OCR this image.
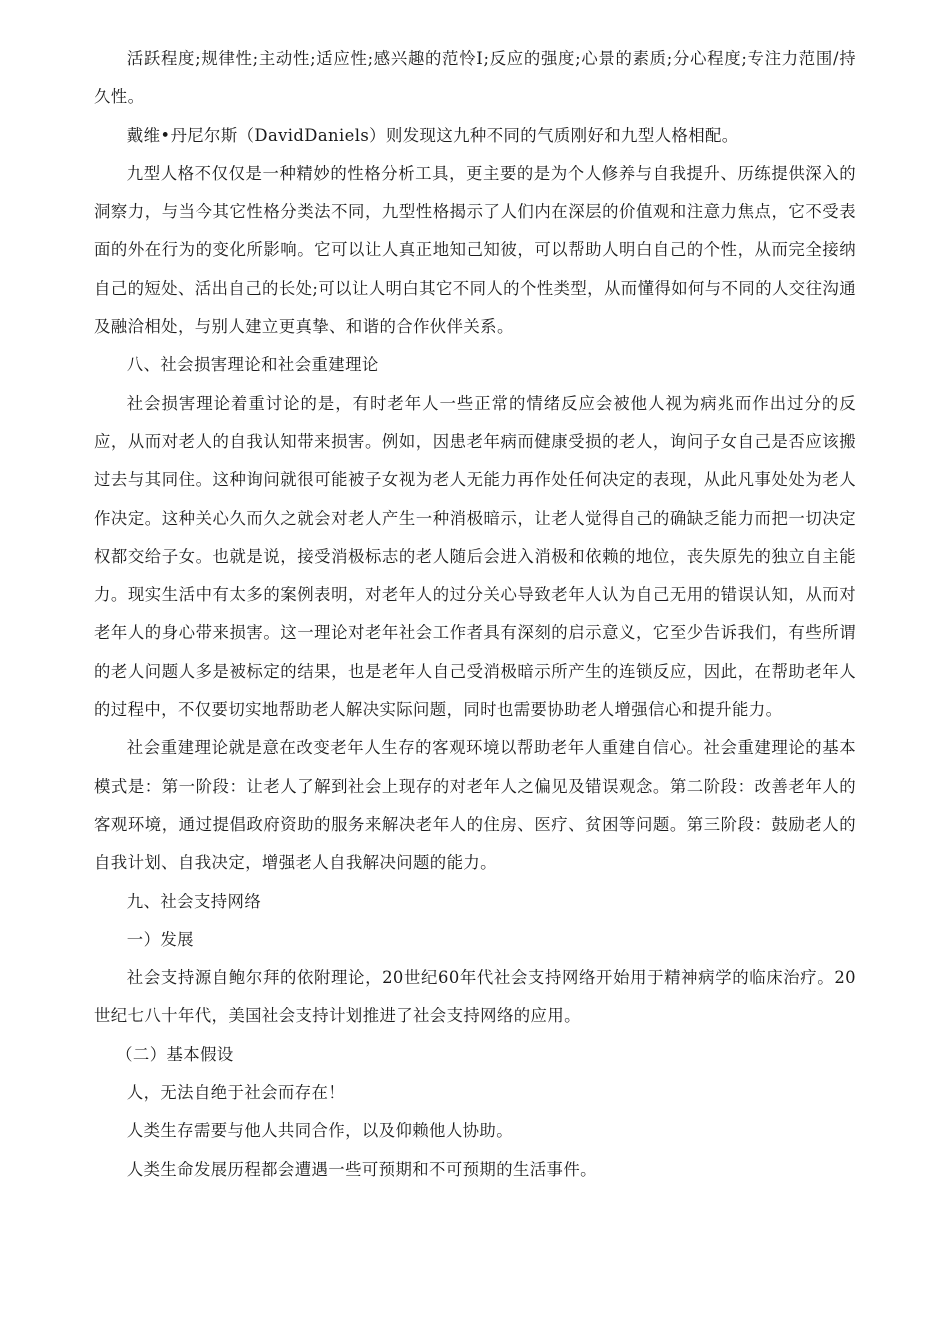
活跃程度;规律性;主动性;适应性;感兴趣的范怜Ⅰ;反应的强度;心景的素质;分心程度;专注力范围/持久性。

戴维•丹尼尔斯（DavidDaniels）则发现这九种不同的气质刚好和九型人格相配。

九型人格不仅仅是一种精妙的性格分析工具，更主要的是为个人修养与自我提升、历练提供深入的洞察力，与当今其它性格分类法不同，九型性格揭示了人们内在深层的价值观和注意力焦点，它不受表面的外在行为的变化所影响。它可以让人真正地知己知彼，可以帮助人明白自己的个性，从而完全接纳自己的短处、活出自己的长处;可以让人明白其它不同人的个性类型，从而懂得如何与不同的人交往沟通及融洽相处，与别人建立更真挚、和谐的合作伙伴关系。

八、社会损害理论和社会重建理论

社会损害理论着重讨论的是，有时老年人一些正常的情绪反应会被他人视为病兆而作出过分的反应，从而对老人的自我认知带来损害。例如，因患老年病而健康受损的老人，询问子女自己是否应该搬过去与其同住。这种询问就很可能被子女视为老人无能力再作处任何决定的表现，从此凡事处处为老人作决定。这种关心久而久之就会对老人产生一种消极暗示，让老人觉得自己的确缺乏能力而把一切决定权都交给子女。也就是说，接受消极标志的老人随后会进入消极和依赖的地位，丧失原先的独立自主能力。现实生活中有太多的案例表明，对老年人的过分关心导致老年人认为自己无用的错误认知，从而对老年人的身心带来损害。这一理论对老年社会工作者具有深刻的启示意义，它至少告诉我们，有些所谓的老人问题人多是被标定的结果，也是老年人自己受消极暗示所产生的连锁反应，因此，在帮助老年人的过程中，不仅要切实地帮助老人解决实际问题，同时也需要协助老人增强信心和提升能力。

社会重建理论就是意在改变老年人生存的客观环境以帮助老年人重建自信心。社会重建理论的基本模式是：第一阶段：让老人了解到社会上现存的对老年人之偏见及错误观念。第二阶段：改善老年人的客观环境，通过提倡政府资助的服务来解决老年人的住房、医疗、贫困等问题。第三阶段：鼓励老人的自我计划、自我决定，增强老人自我解决问题的能力。

九、社会支持网络

一）发展

社会支持源自鲍尔拜的依附理论，20世纪60年代社会支持网络开始用于精神病学的临床治疗。20世纪七八十年代，美国社会支持计划推进了社会支持网络的应用。

（二）基本假设

人，无法自绝于社会而存在！

人类生存需要与他人共同合作，以及仰赖他人协助。

人类生命发展历程都会遭遇一些可预期和不可预期的生活事件。
